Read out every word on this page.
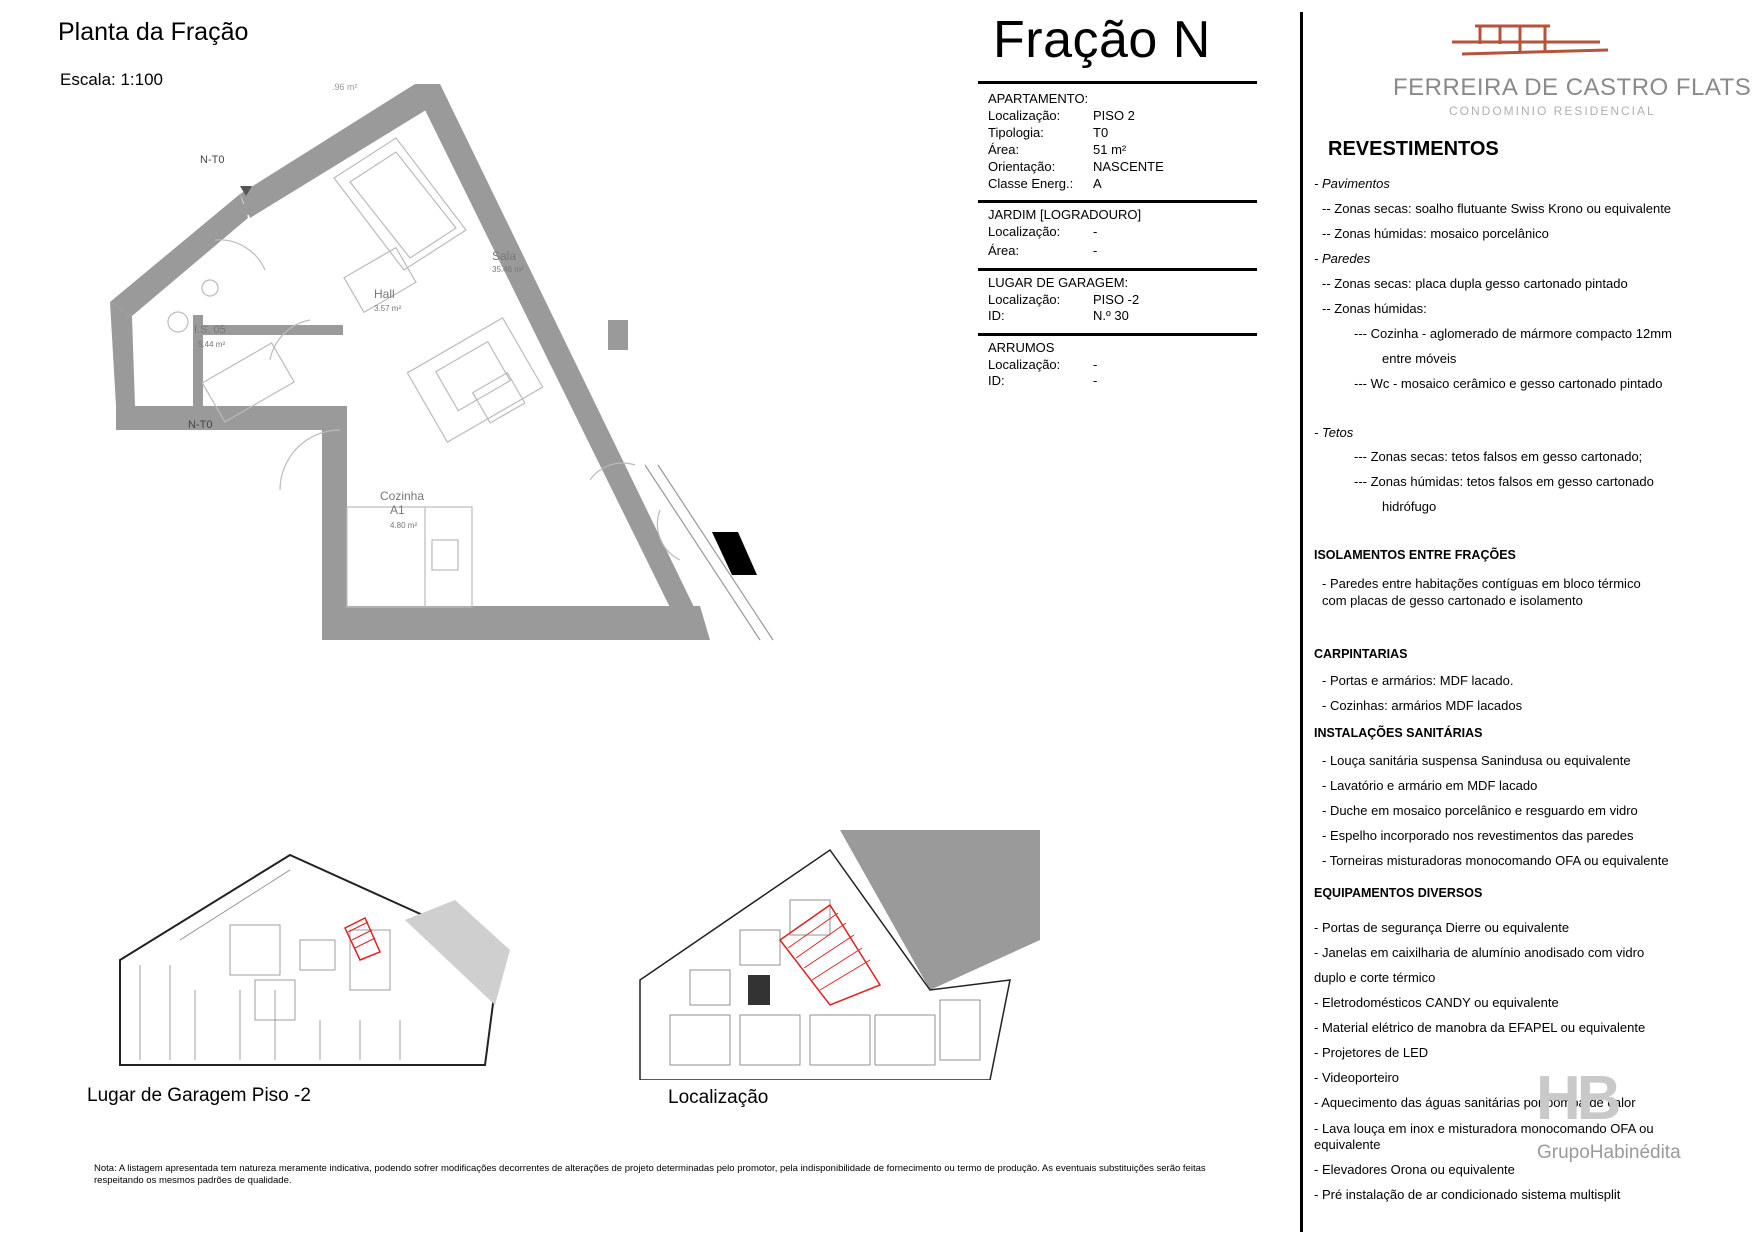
Planta da Fração
Escala: 1:100
Fração N
FERREIRA DE CASTRO FLATS
CONDOMINIO RESIDENCIAL
APARTAMENTO:
Localização:	PISO 2
Tipologia:	T0
Área:	51 m²
Orientação:	NASCENTE
Classe Energ.: A
JARDIM [LOGRADOURO]
Localização:	-
Área:	-
LUGAR DE GARAGEM:
Localização:	PISO -2
ID:	N.º 30
ARRUMOS
Localização:	-
ID:	-
N-T0
N-T0
.96 m²
Sala
35.46 m²
Hall
3.57 m²
I.S. 05
5.44 m²
Cozinha
A1
4.80 m²
Lugar de Garagem Piso -2	Localização
Nota: A listagem apresentada tem natureza meramente indicativa, podendo sofrer modificações decorrentes de alterações de projeto determinadas pelo promotor, pela indisponibilidade de fornecimento ou termo de produção. As eventuais substituições serão feitas respeitando os mesmos padrões de qualidade.
REVESTIMENTOS
- Pavimentos
-- Zonas secas: soalho flutuante Swiss Krono ou equivalente
-- Zonas húmidas: mosaico porcelânico
- Paredes
-- Zonas secas: placa dupla gesso cartonado pintado
-- Zonas húmidas:
--- Cozinha - aglomerado de mármore compacto 12mm
entre móveis
--- Wc - mosaico cerâmico e gesso cartonado pintado
- Tetos
--- Zonas secas: tetos falsos em gesso cartonado;
--- Zonas húmidas: tetos falsos em gesso cartonado
hidrófugo
ISOLAMENTOS ENTRE FRAÇÕES
- Paredes entre habitações contíguas em bloco térmico
com placas de gesso cartonado e isolamento
CARPINTARIAS
- Portas e armários: MDF lacado.
- Cozinhas: armários MDF lacados
INSTALAÇÕES SANITÁRIAS
- Louça sanitária suspensa Sanindusa ou equivalente
- Lavatório e armário em MDF lacado
- Duche em mosaico porcelânico e resguardo em vidro
- Espelho incorporado nos revestimentos das paredes
- Torneiras misturadoras monocomando OFA ou equivalente
EQUIPAMENTOS DIVERSOS
- Portas de segurança Dierre ou equivalente
- Janelas em caixilharia de alumínio anodisado com vidro
duplo e corte térmico
- Eletrodomésticos CANDY ou equivalente
- Material elétrico de manobra da EFAPEL ou equivalente
- Projetores de LED
- Videoporteiro
- Aquecimento das águas sanitárias por bomba de calor
- Lava louça em inox e misturadora monocomando OFA ou
equivalente
- Elevadores Orona ou equivalente
- Pré instalação de ar condicionado sistema multisplit
HB
GrupoHabinédita
